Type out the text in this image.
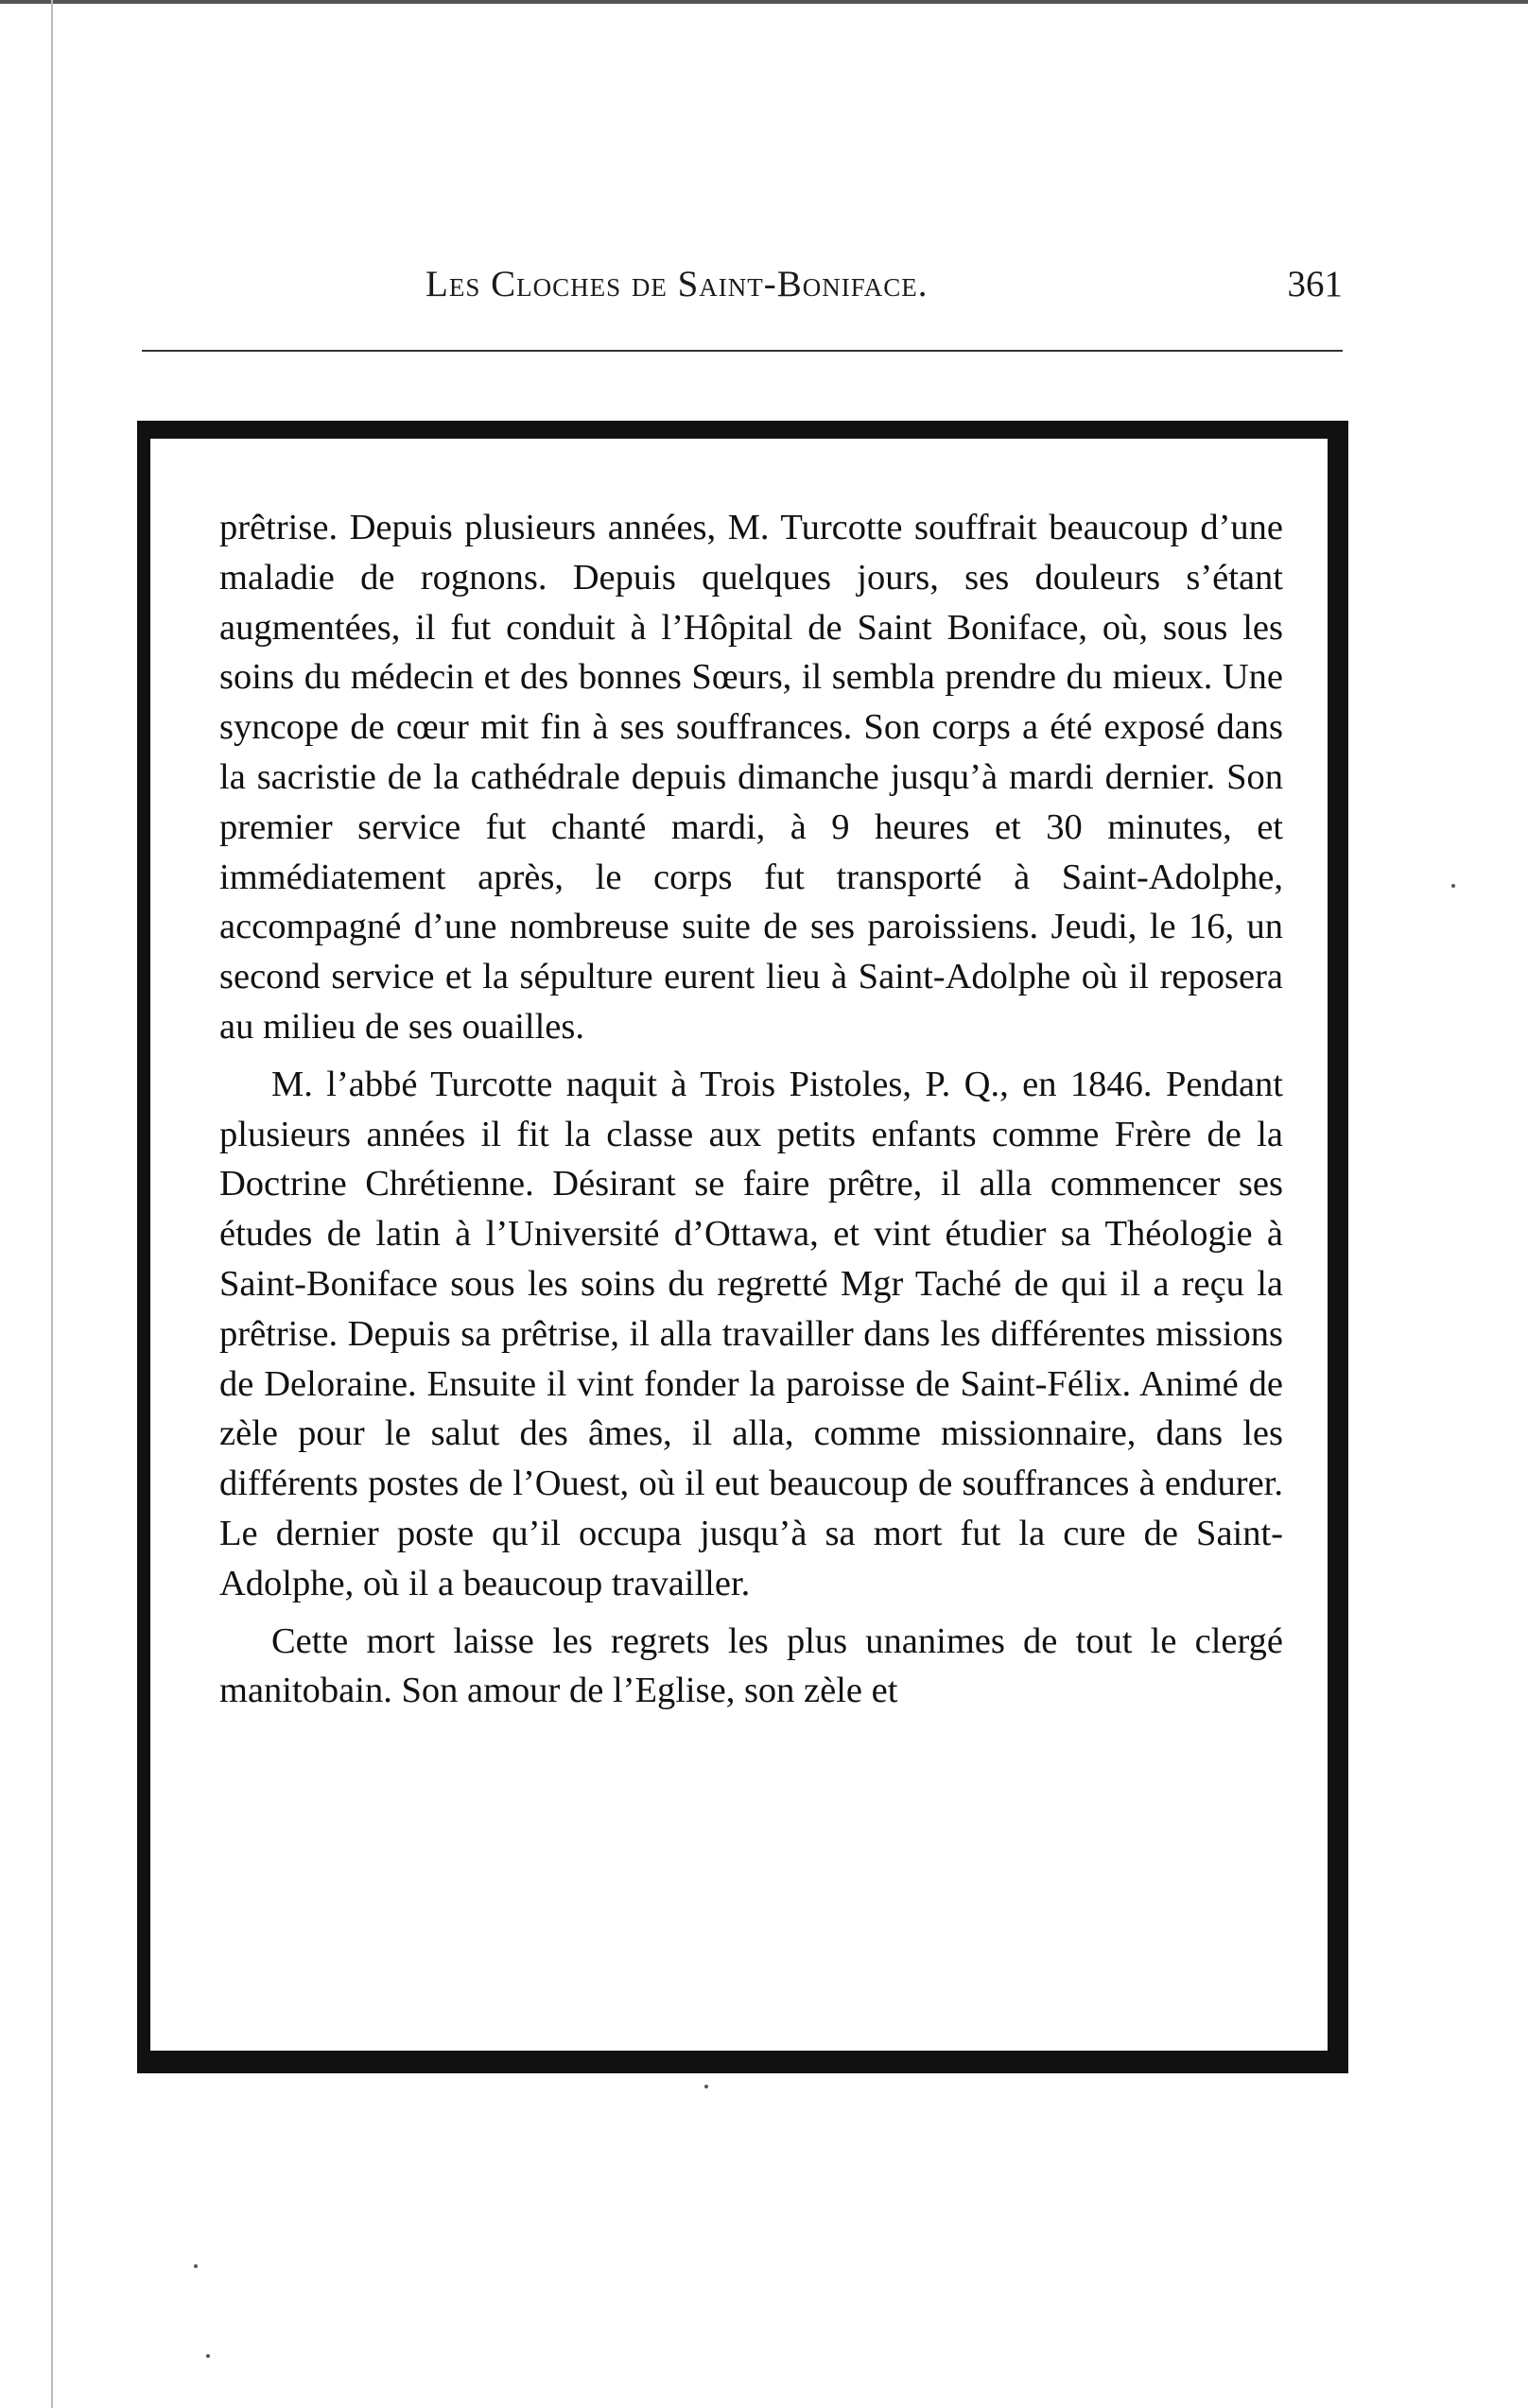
Les Cloches de Saint-Boniface.	361

prêtrise. Depuis plusieurs années, M. Turcotte souffrait beaucoup d’une maladie de rognons. Depuis quelques jours, ses douleurs s’étant augmentées, il fut conduit à l’Hôpital de Saint Boniface, où, sous les soins du médecin et des bonnes Sœurs, il sembla prendre du mieux. Une syncope de cœur mit fin à ses souffrances. Son corps a été exposé dans la sacristie de la cathédrale depuis dimanche jusqu’à mardi dernier. Son premier service fut chanté mardi, à 9 heures et 30 minutes, et immédiatement après, le corps fut transporté à Saint-Adolphe, accompagné d’une nombreuse suite de ses paroissiens. Jeudi, le 16, un second service et la sépulture eurent lieu à Saint-Adolphe où il reposera au milieu de ses ouailles.

M. l’abbé Turcotte naquit à Trois Pistoles, P. Q., en 1846. Pendant plusieurs années il fit la classe aux petits enfants comme Frère de la Doctrine Chrétienne. Désirant se faire prêtre, il alla commencer ses études de latin à l’Université d’Ottawa, et vint étudier sa Théologie à Saint-Boniface sous les soins du regretté Mgr Taché de qui il a reçu la prêtrise. Depuis sa prêtrise, il alla travailler dans les différentes missions de Deloraine. Ensuite il vint fonder la paroisse de Saint-Félix. Animé de zèle pour le salut des âmes, il alla, comme missionnaire, dans les différents postes de l’Ouest, où il eut beaucoup de souffrances à endurer. Le dernier poste qu’il occupa jusqu’à sa mort fut la cure de Saint-Adolphe, où il a beaucoup travailler.

Cette mort laisse les regrets les plus unanimes de tout le clergé manitobain. Son amour de l’Eglise, son zèle et
